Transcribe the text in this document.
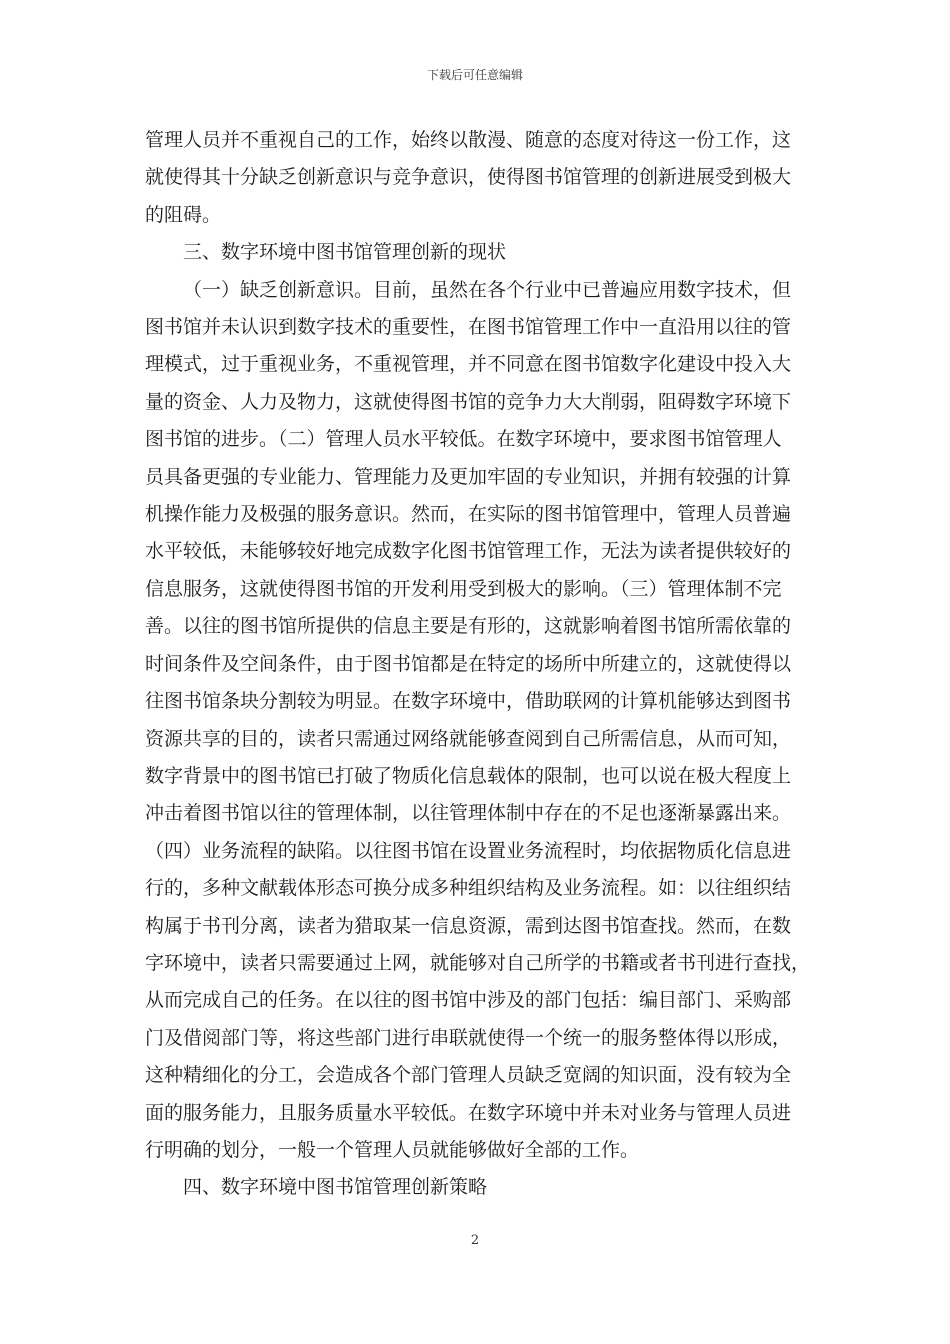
下载后可任意编辑

管理人员并不重视自己的工作，始终以散漫、随意的态度对待这一份工作，这
就使得其十分缺乏创新意识与竞争意识，使得图书馆管理的创新进展受到极大
的阻碍。

三、数字环境中图书馆管理创新的现状

（一）缺乏创新意识。目前，虽然在各个行业中已普遍应用数字技术，但
图书馆并未认识到数字技术的重要性，在图书馆管理工作中一直沿用以往的管
理模式，过于重视业务，不重视管理，并不同意在图书馆数字化建设中投入大
量的资金、人力及物力，这就使得图书馆的竞争力大大削弱，阻碍数字环境下
图书馆的进步。（二）管理人员水平较低。在数字环境中，要求图书馆管理人
员具备更强的专业能力、管理能力及更加牢固的专业知识，并拥有较强的计算
机操作能力及极强的服务意识。然而，在实际的图书馆管理中，管理人员普遍
水平较低，未能够较好地完成数字化图书馆管理工作，无法为读者提供较好的
信息服务，这就使得图书馆的开发利用受到极大的影响。（三）管理体制不完
善。以往的图书馆所提供的信息主要是有形的，这就影响着图书馆所需依靠的
时间条件及空间条件，由于图书馆都是在特定的场所中所建立的，这就使得以
往图书馆条块分割较为明显。在数字环境中，借助联网的计算机能够达到图书
资源共享的目的，读者只需通过网络就能够查阅到自己所需信息，从而可知，
数字背景中的图书馆已打破了物质化信息载体的限制，也可以说在极大程度上
冲击着图书馆以往的管理体制，以往管理体制中存在的不足也逐渐暴露出来。
（四）业务流程的缺陷。以往图书馆在设置业务流程时，均依据物质化信息进
行的，多种文献载体形态可换分成多种组织结构及业务流程。如：以往组织结
构属于书刊分离，读者为猎取某一信息资源，需到达图书馆查找。然而，在数
字环境中，读者只需要通过上网，就能够对自己所学的书籍或者书刊进行查找，
从而完成自己的任务。在以往的图书馆中涉及的部门包括：编目部门、采购部
门及借阅部门等，将这些部门进行串联就使得一个统一的服务整体得以形成，
这种精细化的分工，会造成各个部门管理人员缺乏宽阔的知识面，没有较为全
面的服务能力，且服务质量水平较低。在数字环境中并未对业务与管理人员进
行明确的划分，一般一个管理人员就能够做好全部的工作。

四、数字环境中图书馆管理创新策略

2
